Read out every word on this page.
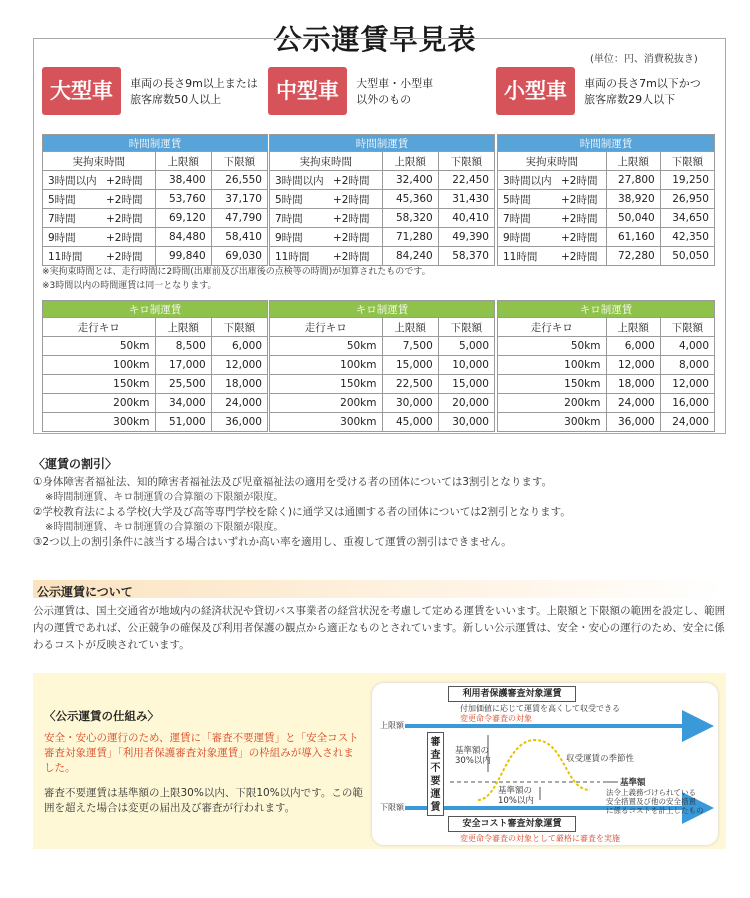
公示運賃早見表
(単位：円、消費税抜き)
大型車 車両の長さ9m以上または
旅客席数50人以上	中型車 大型車・小型車
以外のもの	小型車 車両の長さ7m以下かつ
旅客席数29人以下
時間制運賃		
実拘束時間	上限額	下限額
3時間以内 +2時間	38,400	26,550
5時間 +2時間	53,760	37,170
7時間 +2時間	69,120	47,790
9時間 +2時間	84,480	58,410
11時間 +2時間	99,840	69,030
キロ制運賃		
走行キロ	上限額	下限額
50km	8,500	6,000
100km	17,000	12,000
150km	25,500	18,000
200km	34,000	24,000
300km	51,000	36,000
時間制運賃		
実拘束時間	上限額	下限額
3時間以内 +2時間	32,400	22,450
5時間 +2時間	45,360	31,430
7時間 +2時間	58,320	40,410
9時間 +2時間	71,280	49,390
11時間 +2時間	84,240	58,370
キロ制運賃		
走行キロ	上限額	下限額
50km	7,500	5,000
100km	15,000	10,000
150km	22,500	15,000
200km	30,000	20,000
300km	45,000	30,000
時間制運賃		
実拘束時間	上限額	下限額
3時間以内 +2時間	27,800	19,250
5時間 +2時間	38,920	26,950
7時間 +2時間	50,040	34,650
9時間 +2時間	61,160	42,350
11時間 +2時間	72,280	50,050
キロ制運賃		
走行キロ	上限額	下限額
50km	6,000	4,000
100km	12,000	8,000
150km	18,000	12,000
200km	24,000	16,000
300km	36,000	24,000
※実拘束時間とは、走行時間に2時間(出庫前及び出庫後の点検等の時間)が加算されたものです。
※3時間以内の時間運賃は同一となります。
〈運賃の割引〉
①身体障害者福祉法、知的障害者福祉法及び児童福祉法の適用を受ける者の団体については3割引となります。
※時間制運賃、キロ制運賃の合算額の下限額が限度。
②学校教育法による学校(大学及び高等専門学校を除く)に通学又は通園する者の団体については2割引となります。
※時間制運賃、キロ制運賃の合算額の下限額が限度。
③2つ以上の割引条件に該当する場合はいずれか高い率を適用し、重複して運賃の割引はできません。
公示運賃について
公示運賃は、国土交通省が地域内の経済状況や貸切バス事業者の経営状況を考慮して定める運賃をいいます。上限額と下限額の範囲を設定し、範囲内の運賃であれば、公正競争の確保及び利用者保護の観点から適正なものとされています。新しい公示運賃は、安全・安心の運行のため、安全に係わるコストが反映されています。
〈公示運賃の仕組み〉
安全・安心の運行のため、運賃に「審査不要運賃」と「安全コスト審査対象運賃」「利用者保護審査対象運賃」の枠組みが導入されました。
審査不要運賃は基準額の上限30%以内、下限10%以内です。この範囲を超えた場合は変更の届出及び審査が行われます。
利用者保護審査対象運賃
付加価値に応じて運賃を高くして収受できる
変更命令審査の対象
上限額
下限額
審
査
不
要
運
賃
基準額の
30%以内	収受運賃の季節性
基準額
法令上義務づけられている
安全措置及び他の安全措置
に係るコストを計上したもの
基準額の
10%以内
安全コスト審査対象運賃
変更命令審査の対象として厳格に審査を実施
